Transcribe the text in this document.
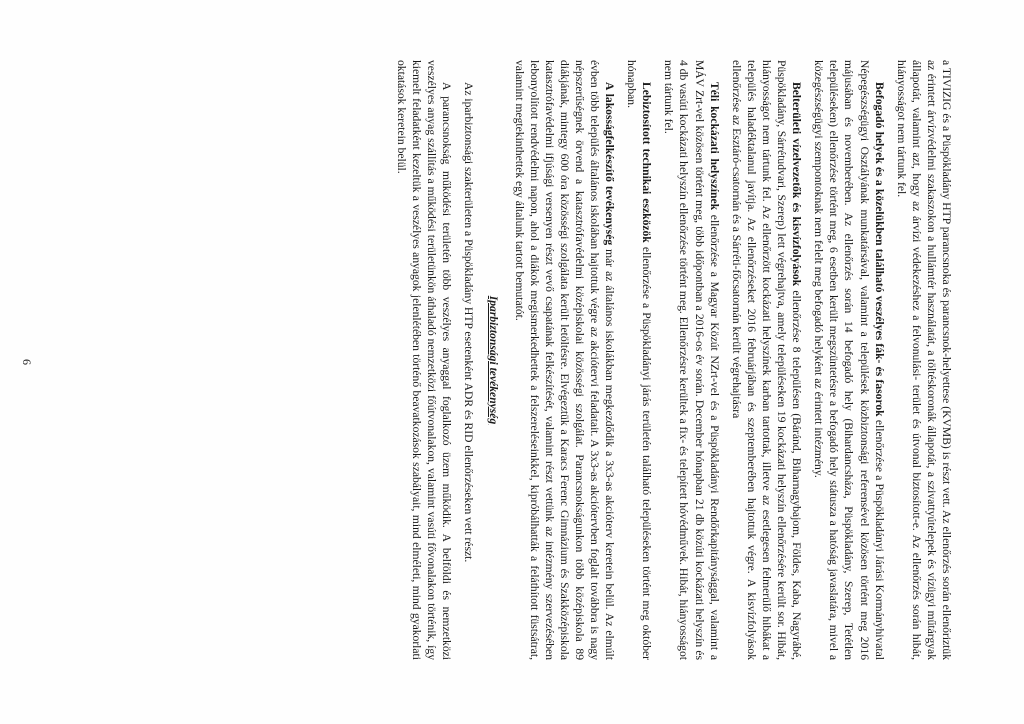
a TIVIZIG és a Püspökladány HTP parancsnoka és parancsnok-helyettese (KVMB) is részt vett. Az ellenőrzés során ellenőriztük az érintett árvízvédelmi szakaszokon a hullámtér használatát, a töltéskoronák állapotát, a szivattyútelepek és vízügyi műtárgyak állapotát, valamint azt, hogy az árvízi védekezéshez a felvonulási- terület és útvonal biztosított-e. Az ellenőrzés során hibát, hiányosságot nem tártunk fel.

Befogadó helyek és a közelükben található veszélyes fák- és fasorok ellenőrzése a Püspökladányi Járási Kormányhivatal Népegészségügyi Osztályának munkatársával, valamint a települések közbiztonsági referensével közösen történt meg 2016 májusában és novemberében. Az ellenőrzés során 14 befogadó hely (Bihardancsháza, Püspökladány, Szerep, Tetétlen településeken) ellenőrzése történt meg, 6 esetben került megszüntetésre a befogadó hely státusza a hatóság javaslatára, mivel a közegészségügyi szempontoknak nem felelt meg befogadó helyként az érintett intézmény.

Belterületi vízelvezetők és kisvízfolyások ellenőrzése 8 településen (Báránd, Biharnagybajom, Földes, Kaba, Nagyrábé, Püspökladány, Sárrétudvari, Szerep) lett végrehajtva, amely településeken 19 kockázati helyszín ellenőrzésére került sor. Hibát, hiányosságot nem tártunk fel. Az ellenőrzött kockázati helyszínek karban tartottak, illetve az esetlegesen felmerülő hibákat a település haladéktalanul javítja. Az ellenőrzéseket 2016 februárjában és szeptemberében hajtottuk végre. A kisvízfolyások ellenőrzése az Esztáró-csatornán és a Sárréti-főcsatornán került végrehajtásra

Téli kockázati helyszínek ellenőrzése a Magyar Közút NZrt-vel és a Püspökladányi Rendőrkapitánysággal, valamint a MÁV Zrt-vel közösen történt meg, több időpontban a 2016-os év során. December hónapban 21 db közúti kockázati helyszín és 4 db vasúti kockázati helyszín ellenőrzése történt meg. Ellenőrzésre kerültek a fix- és telepített hóvédművek. Hibát, hiányosságot nem tártunk fel.

Lebiztosított technikai eszközök ellenőrzése a Püspökladányi járás területén található településeken történt meg október hónapban.

A lakosságfelkészítő tevékenység már az általános iskolákban megkezdődik a 3x3-as akcióterv keretein belül. Az elmúlt évben több település általános iskolában hajtottuk végre az akciótervi feladatait. A 3x3-as akciótervben foglalt továbbra is nagy népszerűségnek örvend a katasztrófavédelmi középiskolai közösségi szolgálat. Parancsnokságunkon több középiskola 89 diákjának, mintegy 600 óra közösségi szolgálata került letöltésre. Elvégeztük a Karacs Ferenc Gimnázium és Szakközépiskola katasztrófavédelmi ifjúsági versenyen részt vevő csapatának felkészítését, valamint részt vettünk az intézmény szervezésében lebonyolított rendvédelmi napon, ahol a diákok megismerkedhettek a felszereléseinkkel, kipróbálhatták a feláthított füstsátrat, valamint megtekinthettek egy általunk tartott bemutatót.

Iparbiztonsági tevékenység

Az iparbiztonsági szakterületen a Püspökladány HTP esetenként ADR és RID ellenőrzéseken vett részt.

A parancsnokság működési területén több veszélyes anyaggal foglalkozó üzem működik. A belföldi és nemzetközi veszélyes anyag szállítás a működési területünkön áthaladó nemzetközi főútvonalakon, valamint vasúti fővonalakon történik, így kiemelt feladatként kezeltük a veszélyes anyagok jelenlétében történő beavatkozások szabályait, mind elméleti, mind gyakorlati oktatások keretein belül.

6
